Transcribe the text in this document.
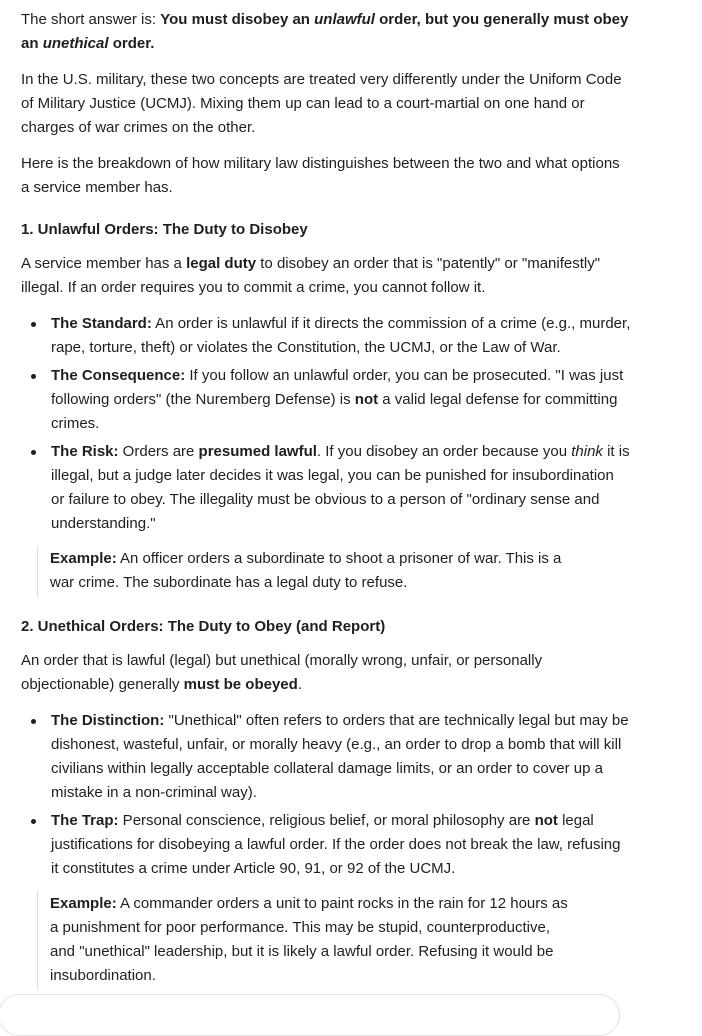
The short answer is: You must disobey an unlawful order, but you generally must obey an unethical order.

In the U.S. military, these two concepts are treated very differently under the Uniform Code of Military Justice (UCMJ). Mixing them up can lead to a court-martial on one hand or charges of war crimes on the other.

Here is the breakdown of how military law distinguishes between the two and what options a service member has.

1. Unlawful Orders: The Duty to Disobey

A service member has a legal duty to disobey an order that is "patently" or "manifestly" illegal. If an order requires you to commit a crime, you cannot follow it.

The Standard: An order is unlawful if it directs the commission of a crime (e.g., murder, rape, torture, theft) or violates the Constitution, the UCMJ, or the Law of War.
The Consequence: If you follow an unlawful order, you can be prosecuted. "I was just following orders" (the Nuremberg Defense) is not a valid legal defense for committing crimes.
The Risk: Orders are presumed lawful. If you disobey an order because you think it is illegal, but a judge later decides it was legal, you can be punished for insubordination or failure to obey. The illegality must be obvious to a person of "ordinary sense and understanding."
Example: An officer orders a subordinate to shoot a prisoner of war. This is a war crime. The subordinate has a legal duty to refuse.
2. Unethical Orders: The Duty to Obey (and Report)

An order that is lawful (legal) but unethical (morally wrong, unfair, or personally objectionable) generally must be obeyed.

The Distinction: "Unethical" often refers to orders that are technically legal but may be dishonest, wasteful, unfair, or morally heavy (e.g., an order to drop a bomb that will kill civilians within legally acceptable collateral damage limits, or an order to cover up a mistake in a non-criminal way).
The Trap: Personal conscience, religious belief, or moral philosophy are not legal justifications for disobeying a lawful order. If the order does not break the law, refusing it constitutes a crime under Article 90, 91, or 92 of the UCMJ.
Example: A commander orders a unit to paint rocks in the rain for 12 hours as a punishment for poor performance. This may be stupid, counterproductive, and "unethical" leadership, but it is likely a lawful order. Refusing it would be insubordination.
